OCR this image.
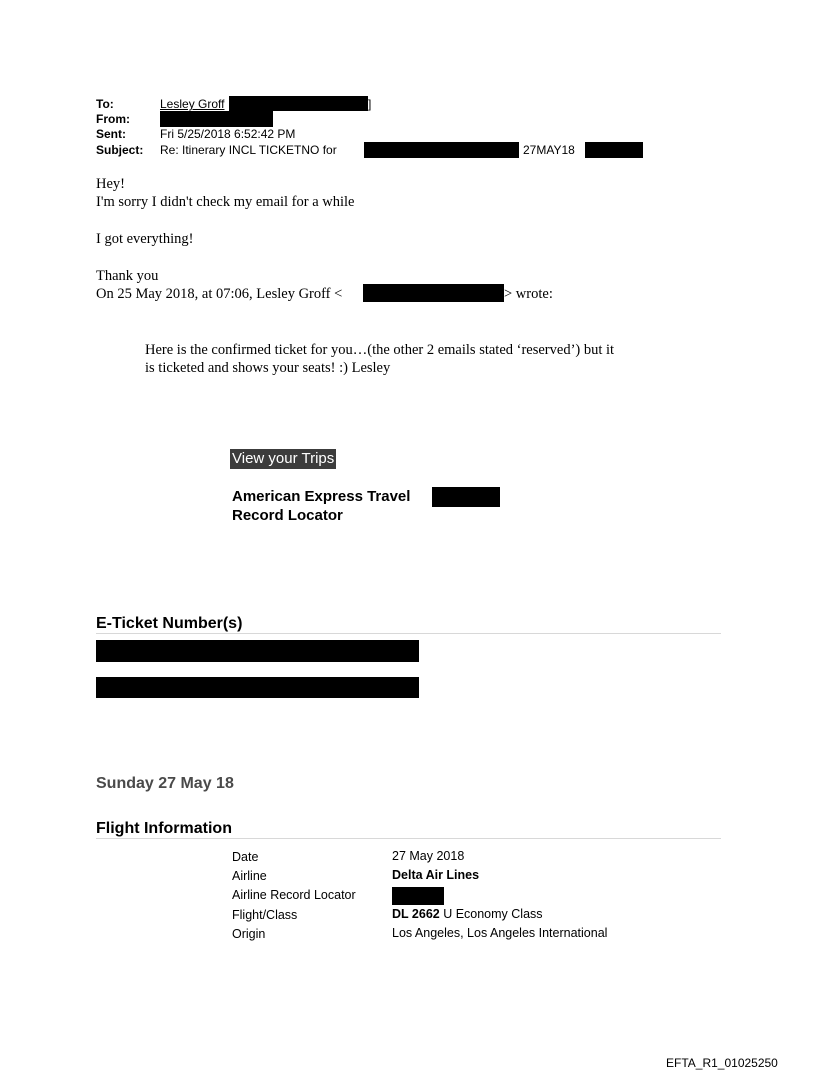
To:	Lesley Groff	]
From:
Sent:	Fri 5/25/2018 6:52:42 PM
Subject: Re: Itinerary INCL TICKETNO for	27MAY18
Hey!
I'm sorry I didn't check my email for a while
I got everything!
Thank you
On 25 May 2018, at 07:06, Lesley Groff <	> wrote:
Here is the confirmed ticket for you…(the other 2 emails stated ‘reserved’) but it
is ticketed and shows your seats! :) Lesley
View your Trips
American Express Travel
Record Locator
E-Ticket Number(s)
Sunday 27 May 18
Flight Information
Date	27 May 2018
Airline	Delta Air Lines
Airline Record Locator
Flight/Class	DL 2662 U Economy Class
Origin	Los Angeles, Los Angeles International
EFTA_R1_01025250
